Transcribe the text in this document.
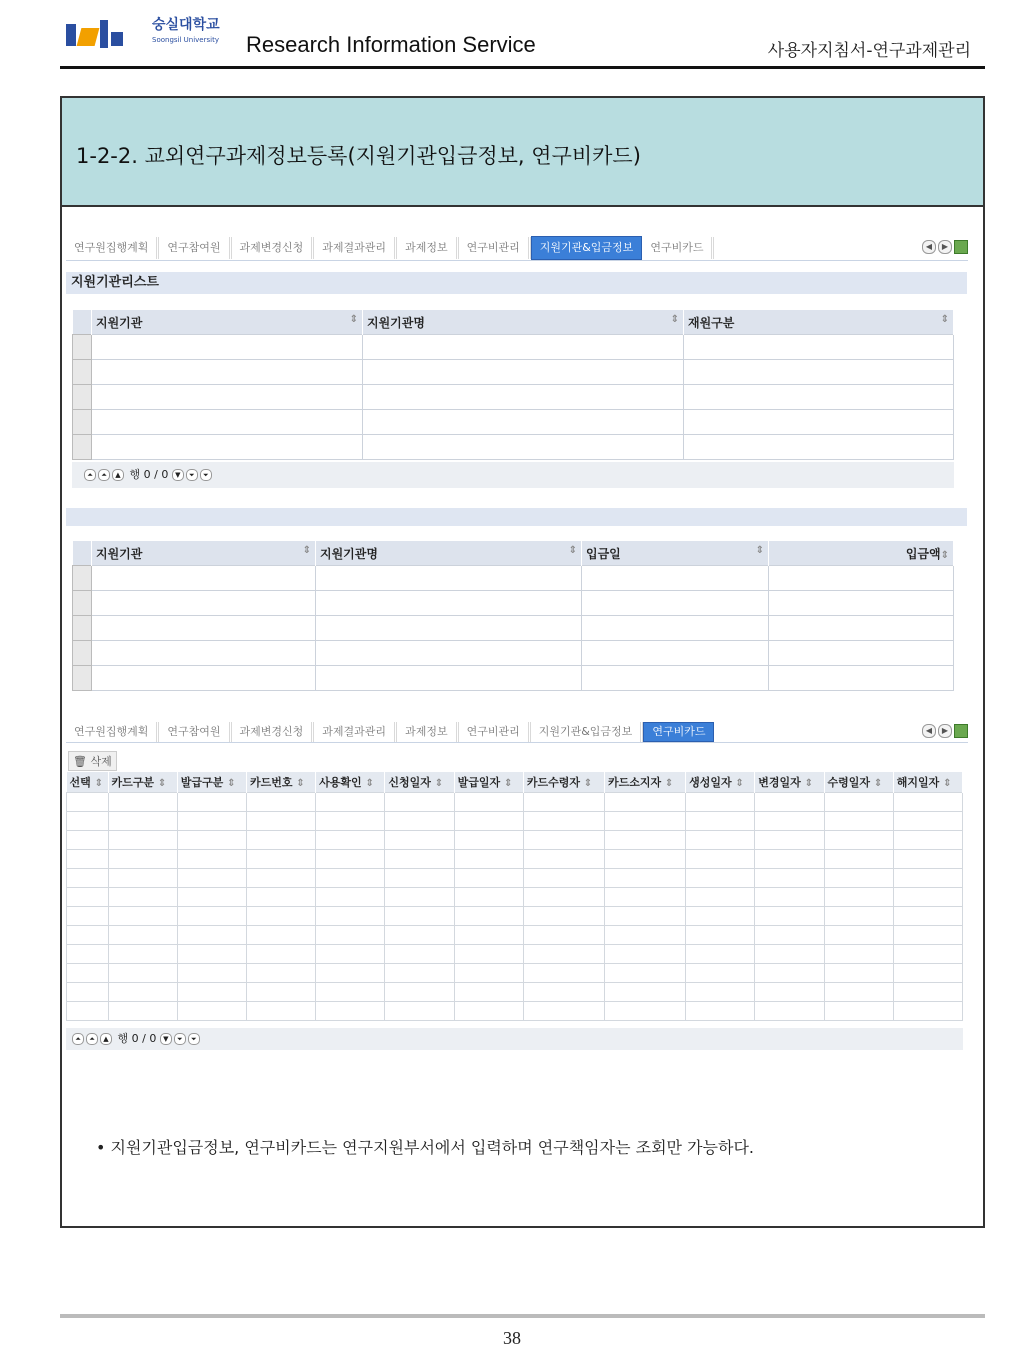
숭실대학교
Soongsil University Research Information Service	사용자지침서-연구과제관리
1-2-2. 교외연구과제정보등록(지원기관입금정보, 연구비카드)
연구원집행계획 연구참여원 과제변경신청 과제결과관리 과제정보 연구비관리 지원기관&입금정보 연구비카드	◀	▶
지원기관리스트
	지원기관 ⇕	지원기관명 ⇕	재원구분 ⇕

⏶ ⏶ ▲ 행 0 / 0 ▼ ⏷ ⏷
	지원기관 ⇕	지원기관명 ⇕	입금일 ⇕	입금액⇕

연구원집행계획 연구참여원 과제변경신청 과제결과관리 과제정보 연구비관리 지원기관&입금정보 연구비카드	◀	▶
🗑 삭제
선택 ⇕	카드구분 ⇕	발급구분 ⇕	카드번호 ⇕	사용확인 ⇕	신청일자 ⇕	발급일자 ⇕	카드수령자 ⇕	카드소지자 ⇕	생성일자 ⇕	변경일자 ⇕	수령일자 ⇕	해지일자 ⇕

⏶ ⏶ ▲ 행 0 / 0 ▼ ⏷ ⏷
• 지원기관입금정보, 연구비카드는 연구지원부서에서 입력하며 연구책임자는 조회만 가능하다.
38
